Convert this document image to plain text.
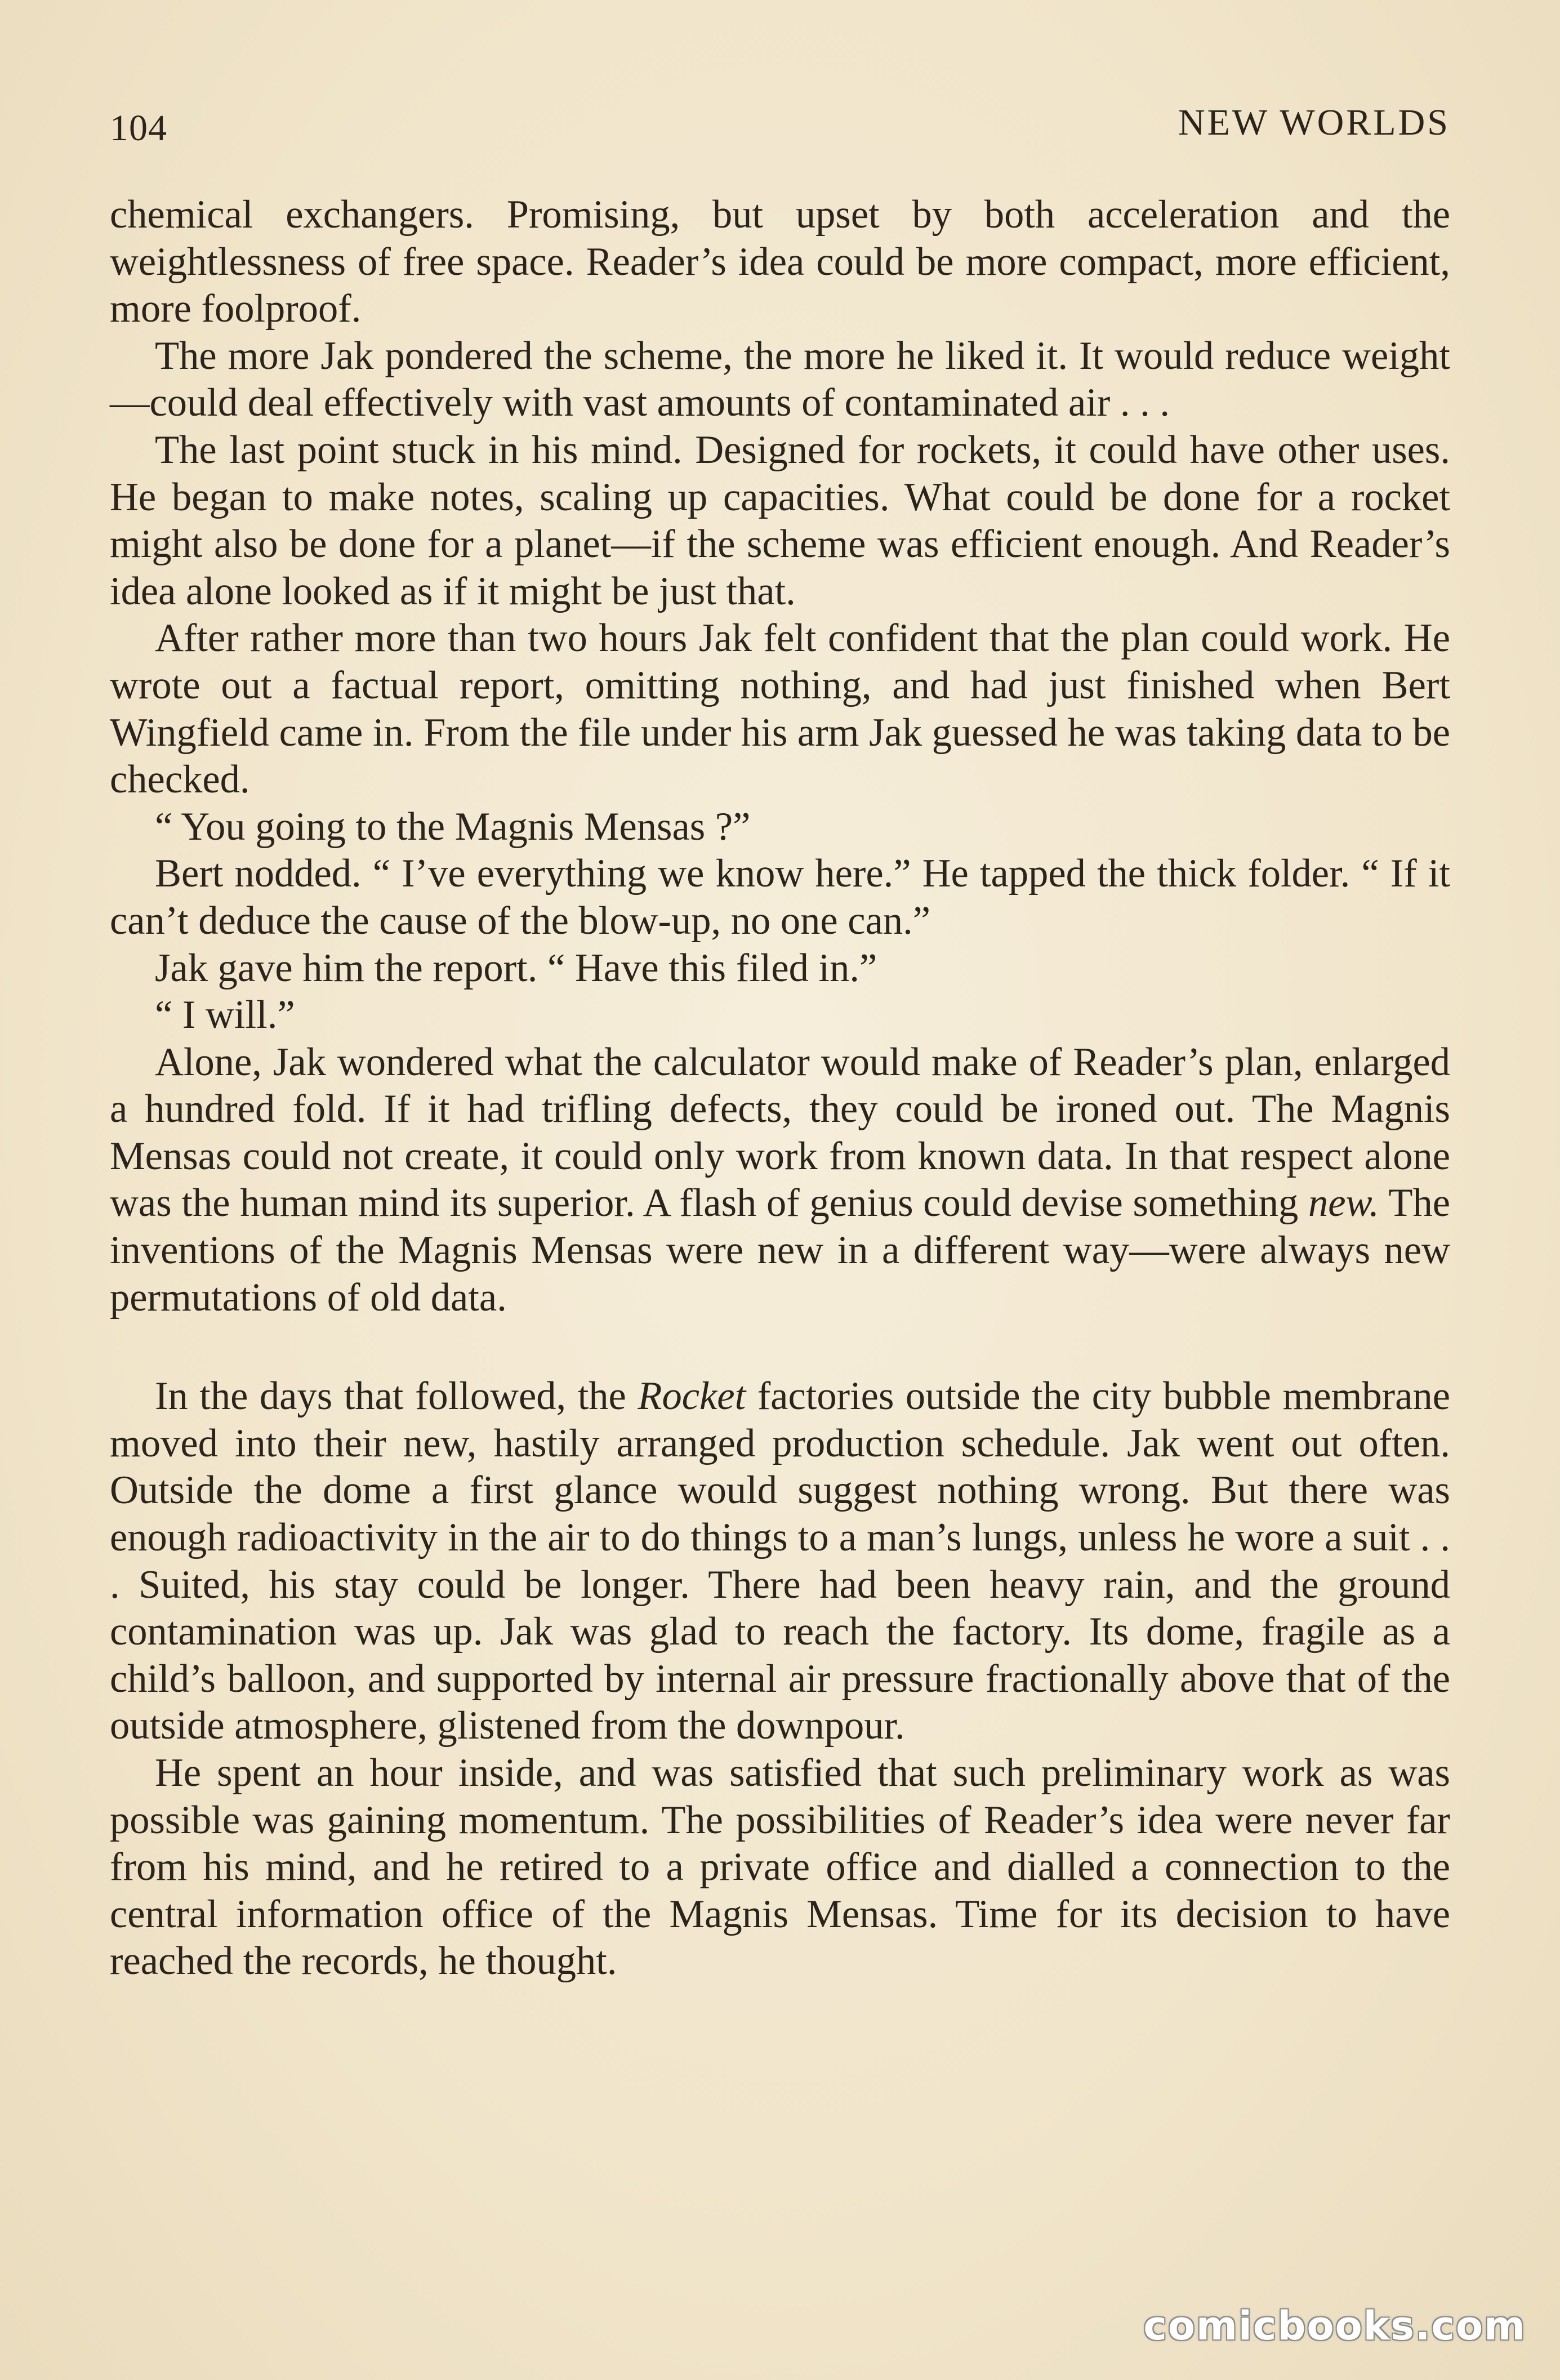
104	NEW WORLDS

chemical exchangers. Promising, but upset by both acceleration and the weightlessness of free space. Reader’s idea could be more compact, more efficient, more foolproof.

The more Jak pondered the scheme, the more he liked it. It would reduce weight—could deal effectively with vast amounts of contaminated air . . .

The last point stuck in his mind. Designed for rockets, it could have other uses. He began to make notes, scaling up capacities. What could be done for a rocket might also be done for a planet—if the scheme was efficient enough. And Reader’s idea alone looked as if it might be just that.

After rather more than two hours Jak felt confident that the plan could work. He wrote out a factual report, omitting nothing, and had just finished when Bert Wingfield came in. From the file under his arm Jak guessed he was taking data to be checked.

“ You going to the Magnis Mensas ?”

Bert nodded. “ I’ve everything we know here.” He tapped the thick folder. “ If it can’t deduce the cause of the blow-up, no one can.”

Jak gave him the report. “ Have this filed in.”

“ I will.”

Alone, Jak wondered what the calculator would make of Reader’s plan, enlarged a hundred fold. If it had trifling defects, they could be ironed out. The Magnis Mensas could not create, it could only work from known data. In that respect alone was the human mind its superior. A flash of genius could devise something new. The inventions of the Magnis Mensas were new in a different way—were always new permutations of old data.

In the days that followed, the Rocket factories outside the city bubble membrane moved into their new, hastily arranged production schedule. Jak went out often. Outside the dome a first glance would suggest nothing wrong. But there was enough radioactivity in the air to do things to a man’s lungs, unless he wore a suit . . . Suited, his stay could be longer. There had been heavy rain, and the ground contamination was up. Jak was glad to reach the factory. Its dome, fragile as a child’s balloon, and supported by internal air pressure fractionally above that of the outside atmosphere, glistened from the downpour.

He spent an hour inside, and was satisfied that such preliminary work as was possible was gaining momentum. The possibilities of Reader’s idea were never far from his mind, and he retired to a private office and dialled a connection to the central information office of the Magnis Mensas. Time for its decision to have reached the records, he thought.

comicbooks.com
